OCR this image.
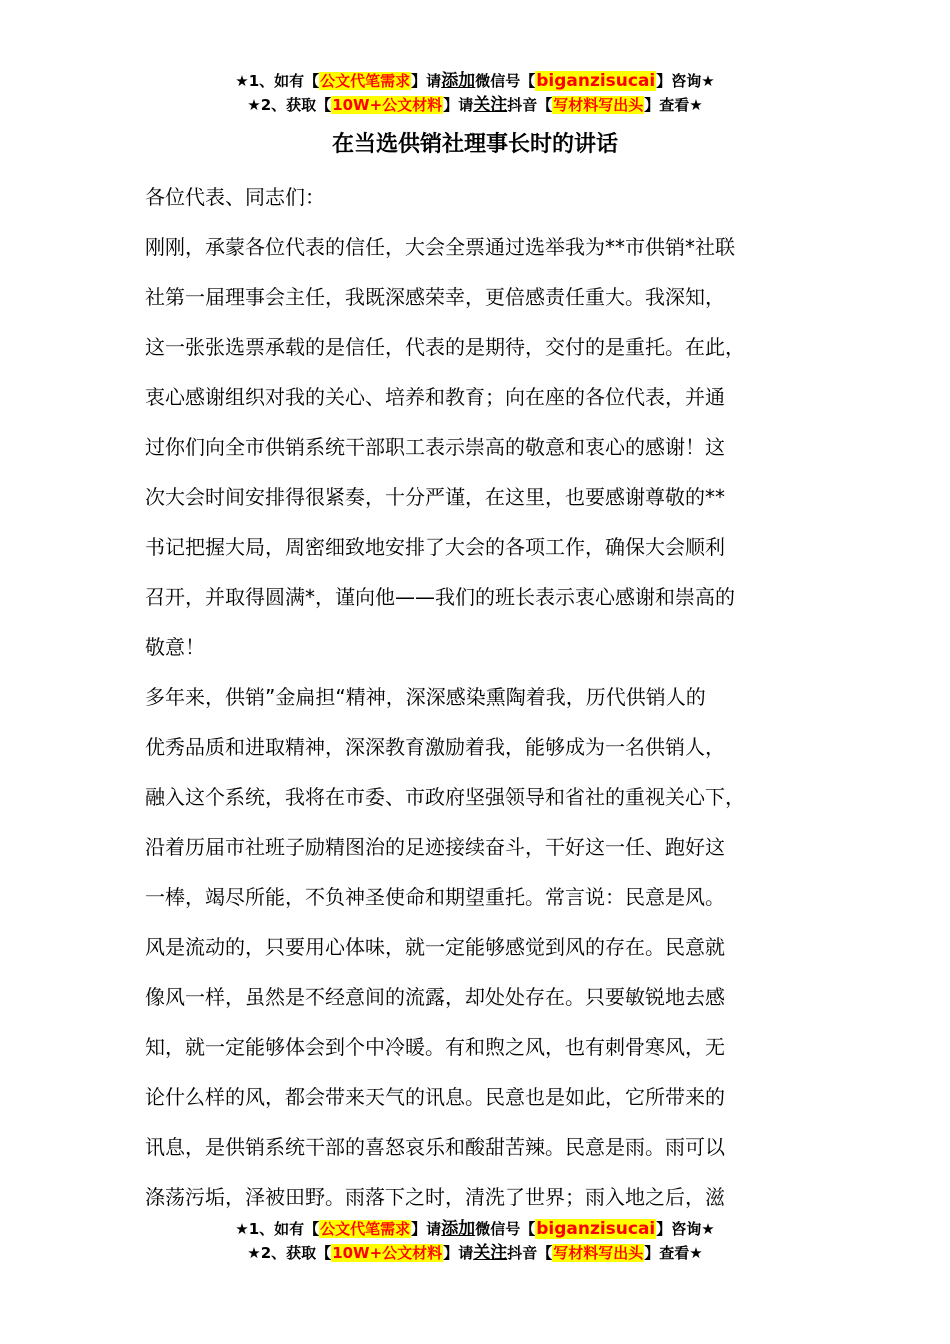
★1、如有【公文代笔需求】请添加微信号【biganzisucai】咨询★
★2、获取【10W+公文材料】请关注抖音【写材料写出头】查看★
在当选供销社理事长时的讲话

各位代表、同志们：

刚刚，承蒙各位代表的信任，大会全票通过选举我为**市供销*社联

社第一届理事会主任，我既深感荣幸，更倍感责任重大。我深知，

这一张张选票承载的是信任，代表的是期待，交付的是重托。在此，

衷心感谢组织对我的关心、培养和教育；向在座的各位代表，并通

过你们向全市供销系统干部职工表示崇高的敬意和衷心的感谢！这

次大会时间安排得很紧奏，十分严谨，在这里，也要感谢尊敬的**

书记把握大局，周密细致地安排了大会的各项工作，确保大会顺利

召开，并取得圆满*，谨向他——我们的班长表示衷心感谢和崇高的

敬意！

多年来，供销”金扁担“精神，深深感染熏陶着我，历代供销人的

优秀品质和进取精神，深深教育激励着我，能够成为一名供销人，

融入这个系统，我将在市委、市政府坚强领导和省社的重视关心下，

沿着历届市社班子励精图治的足迹接续奋斗，干好这一任、跑好这

一棒，竭尽所能，不负神圣使命和期望重托。常言说：民意是风。

风是流动的，只要用心体味，就一定能够感觉到风的存在。民意就

像风一样，虽然是不经意间的流露，却处处存在。只要敏锐地去感

知，就一定能够体会到个中冷暖。有和煦之风，也有刺骨寒风，无

论什么样的风，都会带来天气的讯息。民意也是如此，它所带来的

讯息，是供销系统干部的喜怒哀乐和酸甜苦辣。民意是雨。雨可以

涤荡污垢，泽被田野。雨落下之时，清洗了世界；雨入地之后，滋

★1、如有【公文代笔需求】请添加微信号【biganzisucai】咨询★
★2、获取【10W+公文材料】请关注抖音【写材料写出头】查看★
